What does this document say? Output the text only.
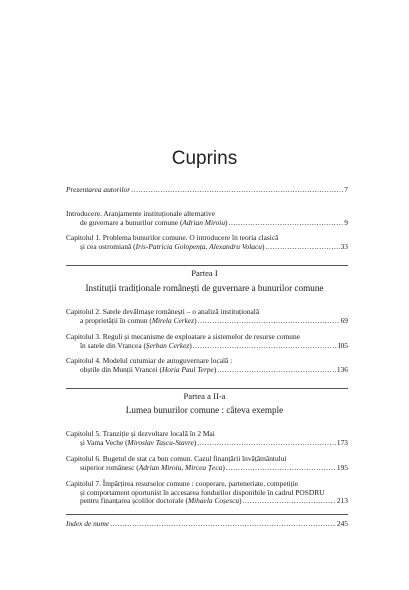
Cuprins
Prezentarea autorilor .....	7
Introducere. Aranjamente instituționale alternative
de guvernare a bunurilor comune (Adrian Miroiu) .....	9
Capitolul 1. Problema bunurilor comune. O introducere în teoria clasică
și cea ostromiană (Iris-Patricia Golopența, Alexandru Volacu) .....	33
Partea I
Instituții tradiționale românești de guvernare a bunurilor comune
Capitolul 2. Satele devălmașe românești – o analiză instituțională
a proprietății în comun (Mirela Cerkez) .....	69
Capitolul 3. Reguli și mecanisme de exploatare a sistemelor de resurse comune
în satele din Vrancea (Șerban Cerkez) .....	I05
Capitolul 4. Modelul cutumiar de autoguvernare locală :
obștile din Munții Vrancei (Horia Paul Terpe) .....	136
Partea a II-a
Lumea bunurilor comune : câteva exemple
Capitolul 5. Tranziție și dezvoltare locală în 2 Mai
și Vama Veche (Miroslav Tașcu-Stavre) .....	173
Capitolul 6. Bugetul de stat ca bun comun. Cazul finanțării învățământului
superior românesc (Adrian Miroiu, Mircea Țeca) .....	195
Capitolul 7. Împărțirea resurselor comune : cooperare, parteneriate, competiție
și comportament oportunist în accesarea fondurilor disponibile în cadrul POSDRU
pentru finanțarea școlilor doctorale (Mihaela Coșescu) .....	213
Index de nume .....	245
